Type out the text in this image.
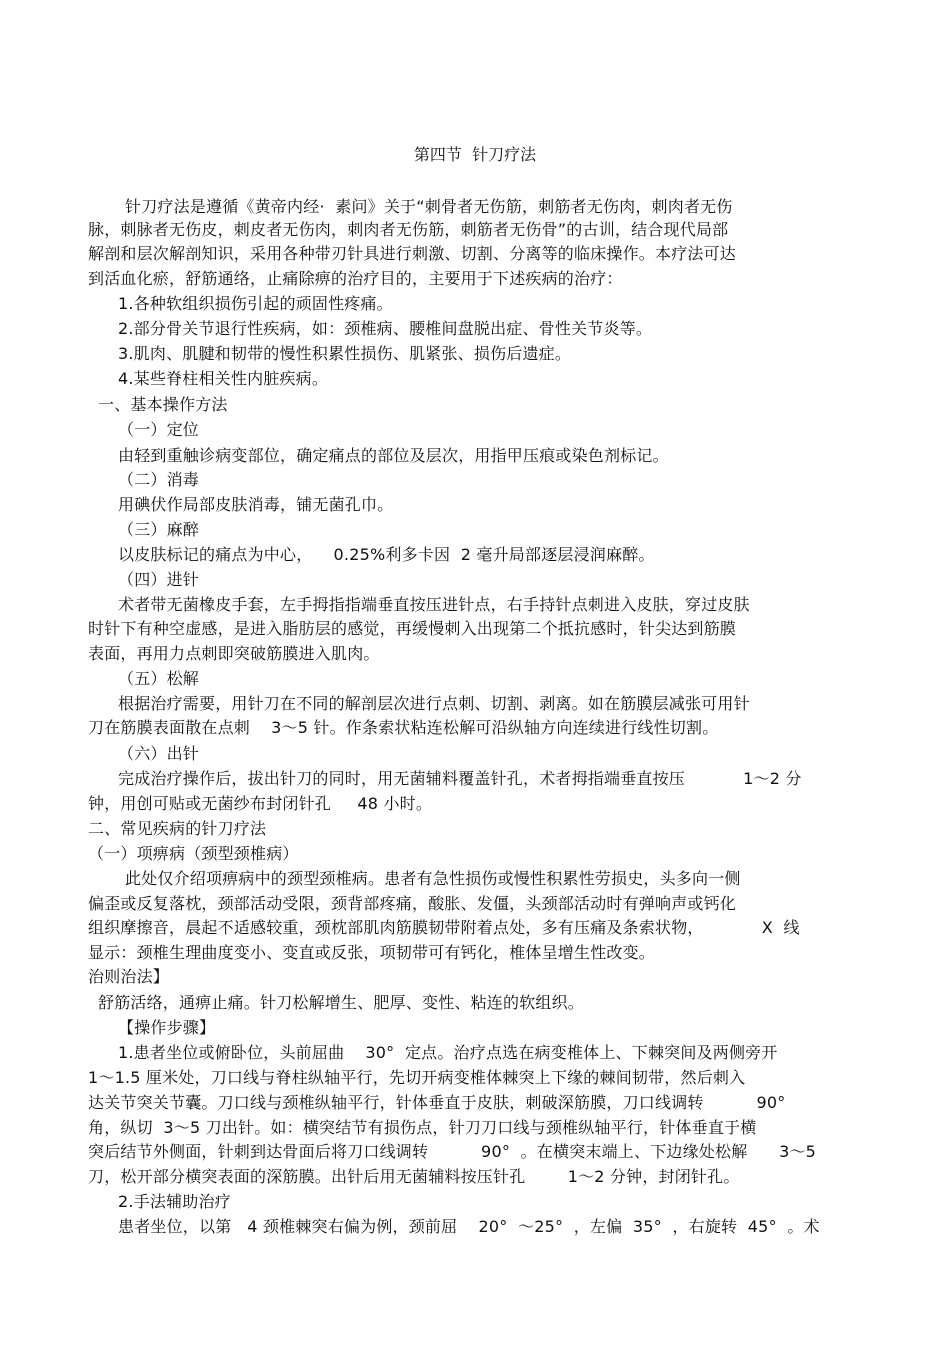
第四节  针刀疗法
针刀疗法是遵循《黄帝内经·  素问》关于“刺骨者无伤筋，刺筋者无伤肉，刺肉者无伤
脉，刺脉者无伤皮，刺皮者无伤肉，刺肉者无伤筋，刺筋者无伤骨”的古训，结合现代局部
解剖和层次解剖知识，采用各种带刃针具进行刺激、切割、分离等的临床操作。本疗法可达
到活血化瘀，舒筋通络，止痛除痹的治疗目的，主要用于下述疾病的治疗：
1.各种软组织损伤引起的顽固性疼痛。
2.部分骨关节退行性疾病，如：颈椎病、腰椎间盘脱出症、骨性关节炎等。
3.肌肉、肌腱和韧带的慢性积累性损伤、肌紧张、损伤后遗症。
4.某些脊柱相关性内脏疾病。
一、基本操作方法
（一）定位
由轻到重触诊病变部位，确定痛点的部位及层次，用指甲压痕或染色剂标记。
（二）消毒
用碘伏作局部皮肤消毒，铺无菌孔巾。
（三）麻醉
以皮肤标记的痛点为中心，    0.25%利多卡因  2 毫升局部逐层浸润麻醉。
（四）进针
术者带无菌橡皮手套，左手拇指指端垂直按压进针点，右手持针点刺进入皮肤，穿过皮肤
时针下有种空虚感，是进入脂肪层的感觉，再缓慢刺入出现第二个抵抗感时，针尖达到筋膜
表面，再用力点刺即突破筋膜进入肌肉。
（五）松解
根据治疗需要，用针刀在不同的解剖层次进行点刺、切割、剥离。如在筋膜层减张可用针
刀在筋膜表面散在点刺    3～5 针。作条索状粘连松解可沿纵轴方向连续进行线性切割。
（六）出针
完成治疗操作后，拔出针刀的同时，用无菌辅料覆盖针孔，术者拇指端垂直按压           1～2 分
钟，用创可贴或无菌纱布封闭针孔     48 小时。
二、常见疾病的针刀疗法
（一）项痹病（颈型颈椎病）
此处仅介绍项痹病中的颈型颈椎病。患者有急性损伤或慢性积累性劳损史，头多向一侧
偏歪或反复落枕，颈部活动受限，颈背部疼痛，酸胀、发僵，头颈部活动时有弹响声或钙化
组织摩擦音，晨起不适感较重，颈枕部肌肉筋膜韧带附着点处，多有压痛及条索状物，           X  线
显示：颈椎生理曲度变小、变直或反张，项韧带可有钙化，椎体呈增生性改变。
治则治法】
舒筋活络，通痹止痛。针刀松解增生、肥厚、变性、粘连的软组织。
【操作步骤】
1.患者坐位或俯卧位，头前屈曲    30°  定点。治疗点选在病变椎体上、下棘突间及两侧旁开
1～1.5 厘米处，刀口线与脊柱纵轴平行，先切开病变椎体棘突上下缘的棘间韧带，然后刺入
达关节突关节囊。刀口线与颈椎纵轴平行，针体垂直于皮肤，刺破深筋膜，刀口线调转          90°
角，纵切  3～5 刀出针。如：横突结节有损伤点，针刀刀口线与颈椎纵轴平行，针体垂直于横
突后结节外侧面，针刺到达骨面后将刀口线调转          90°  。在横突末端上、下边缘处松解      3～5
刀，松开部分横突表面的深筋膜。出针后用无菌辅料按压针孔        1～2 分钟，封闭针孔。
2.手法辅助治疗
患者坐位，以第   4 颈椎棘突右偏为例，颈前屈    20°  ～25°  ，左偏  35°  ，右旋转  45°  。术
